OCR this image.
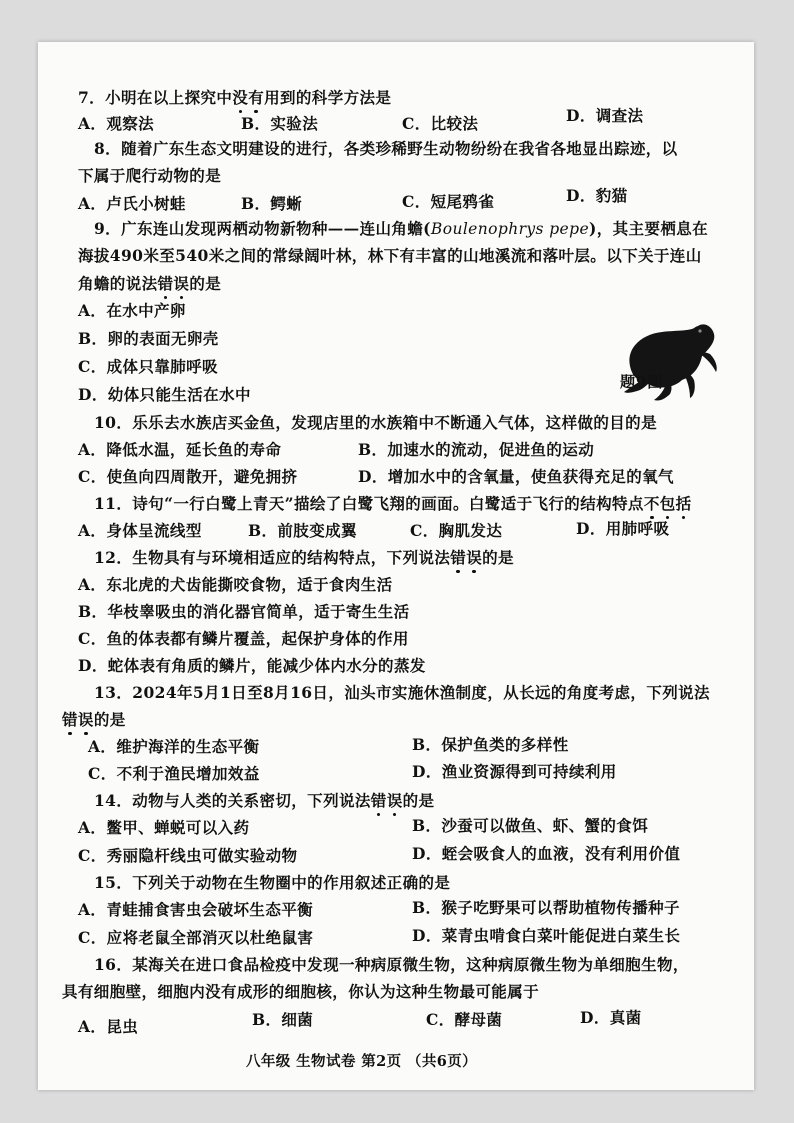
7．小明在以上探究中没有用到的科学方法是
A．观察法	B．实验法	C．比较法	D．调查法
8．随着广东生态文明建设的进行，各类珍稀野生动物纷纷在我省各地显出踪迹，以
下属于爬行动物的是
A．卢氏小树蛙	B．鳄蜥	C．短尾鸦雀	D．豹猫
9．广东连山发现两栖动物新物种——连山角蟾(Boulenophrys pepe)，其主要栖息在
海拔490米至540米之间的常绿阔叶林，林下有丰富的山地溪流和落叶层。以下关于连山
角蟾的说法错误的是
A．在水中产卵
B．卵的表面无卵壳
C．成体只靠肺呼吸
D．幼体只能生活在水中
题9图
10．乐乐去水族店买金鱼，发现店里的水族箱中不断通入气体，这样做的目的是
A．降低水温，延长鱼的寿命	B．加速水的流动，促进鱼的运动
C．使鱼向四周散开，避免拥挤	D．增加水中的含氧量，使鱼获得充足的氧气
11．诗句“一行白鹭上青天”描绘了白鹭飞翔的画面。白鹭适于飞行的结构特点不包括
A．身体呈流线型	B．前肢变成翼	C．胸肌发达	D．用肺呼吸
12．生物具有与环境相适应的结构特点，下列说法错误的是
A．东北虎的犬齿能撕咬食物，适于食肉生活
B．华枝睾吸虫的消化器官简单，适于寄生生活
C．鱼的体表都有鳞片覆盖，起保护身体的作用
D．蛇体表有角质的鳞片，能减少体内水分的蒸发
13．2024年5月1日至8月16日，汕头市实施休渔制度，从长远的角度考虑，下列说法
错误的是
A．维护海洋的生态平衡	B．保护鱼类的多样性
C．不利于渔民增加效益	D．渔业资源得到可持续利用
14．动物与人类的关系密切，下列说法错误的是
A．鳖甲、蝉蜕可以入药	B．沙蚕可以做鱼、虾、蟹的食饵
C．秀丽隐杆线虫可做实验动物	D．蛭会吸食人的血液，没有利用价值
15．下列关于动物在生物圈中的作用叙述正确的是
A．青蛙捕食害虫会破坏生态平衡	B．猴子吃野果可以帮助植物传播种子
C．应将老鼠全部消灭以杜绝鼠害	D．菜青虫啃食白菜叶能促进白菜生长
16．某海关在进口食品检疫中发现一种病原微生物，这种病原微生物为单细胞生物，
具有细胞壁，细胞内没有成形的细胞核，你认为这种生物最可能属于
A．昆虫	B．细菌	C．酵母菌	D．真菌
八年级 生物试卷 第2页 （共6页）
